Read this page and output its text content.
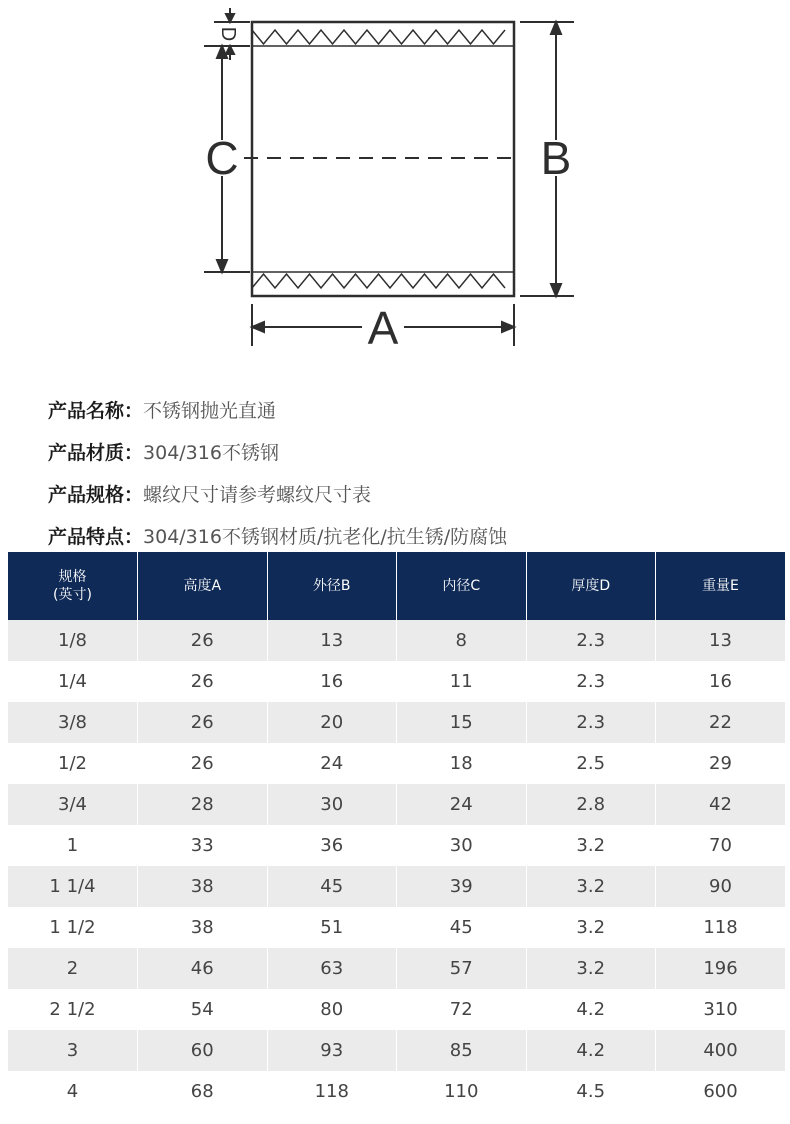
A
B
C
D
产品名称：不锈钢抛光直通
产品材质：304/316不锈钢
产品规格：螺纹尺寸请参考螺纹尺寸表
产品特点：304/316不锈钢材质/抗老化/抗生锈/防腐蚀
规格
(英寸)	高度A	外径B	内径C	厚度D	重量E
1/8	26	13	8	2.3	13
1/4	26	16	11	2.3	16
3/8	26	20	15	2.3	22
1/2	26	24	18	2.5	29
3/4	28	30	24	2.8	42
1	33	36	30	3.2	70
1 1/4	38	45	39	3.2	90
1 1/2	38	51	45	3.2	118
2	46	63	57	3.2	196
2 1/2	54	80	72	4.2	310
3	60	93	85	4.2	400
4	68	118	110	4.5	600
